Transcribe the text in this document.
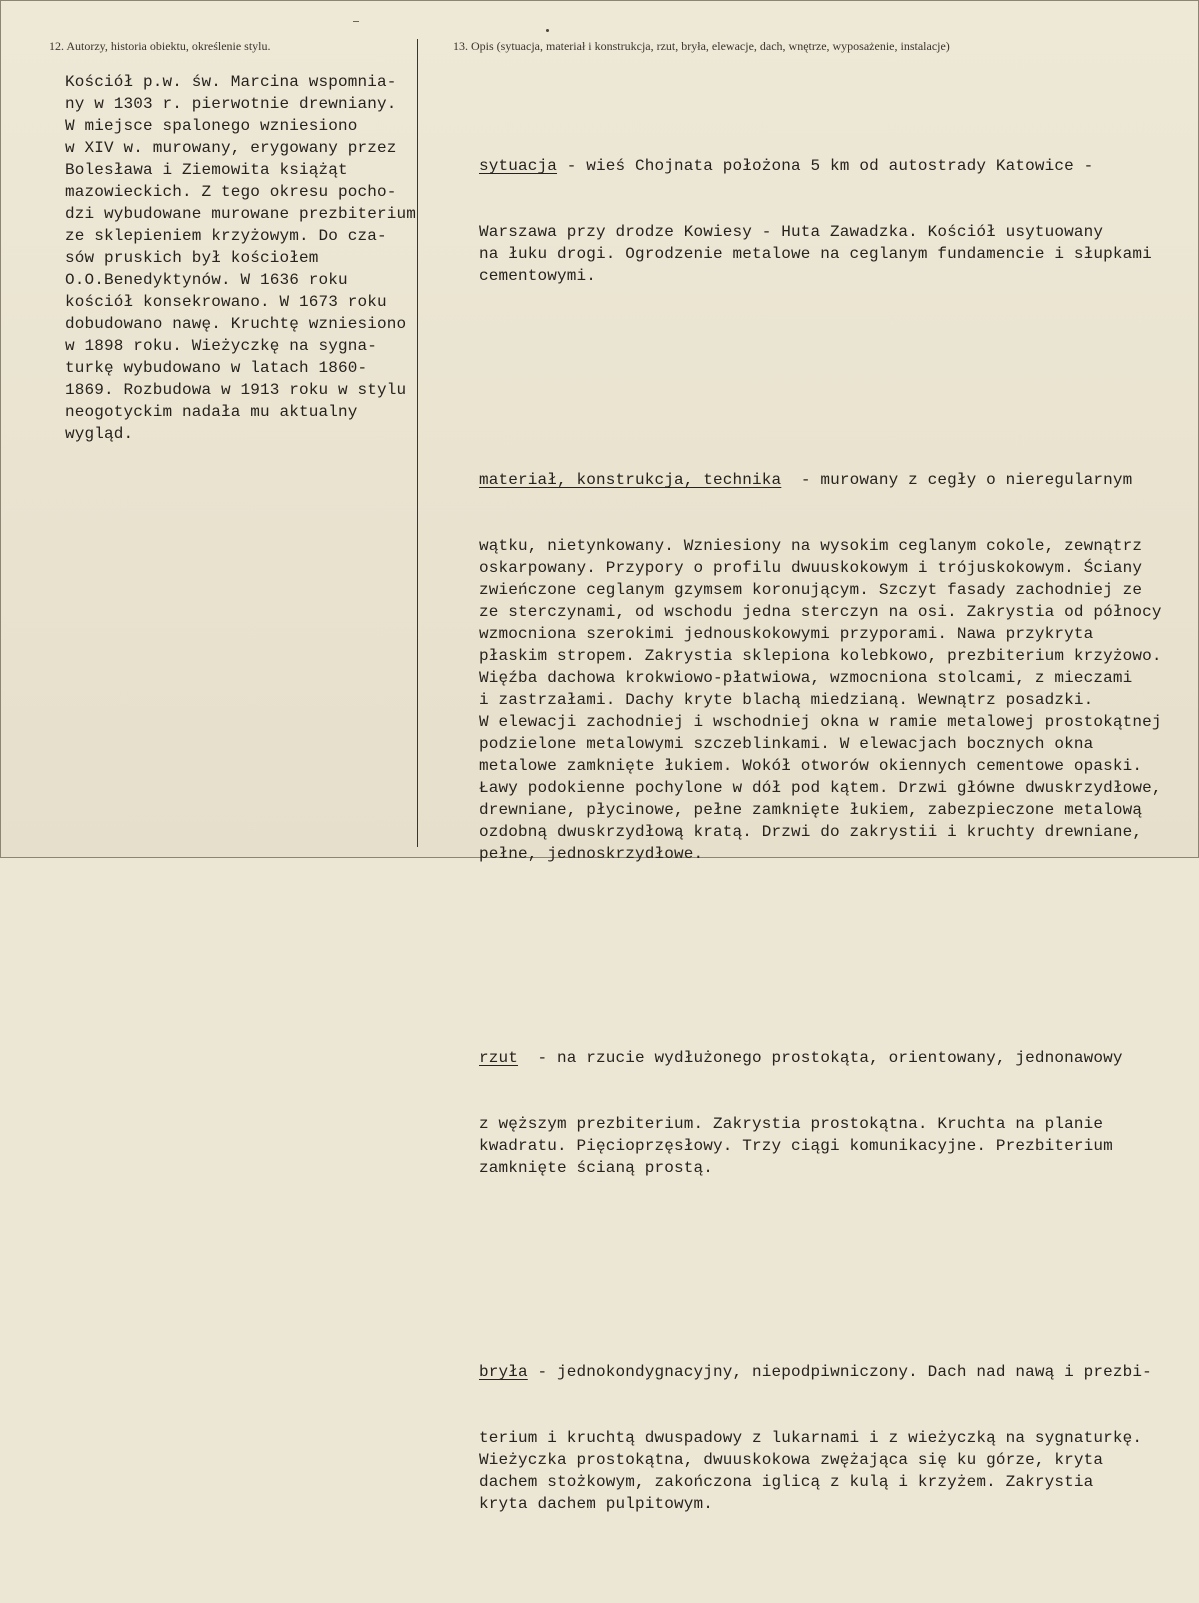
12. Autorzy, historia obiektu, określenie stylu.	13. Opis (sytuacja, materiał i konstrukcja, rzut, bryła, elewacje, dach, wnętrze, wyposażenie, instalacje)
Kościół p.w. św. Marcina wspomnia-
ny w 1303 r. pierwotnie drewniany.
W miejsce spalonego wzniesiono
w XIV w. murowany, erygowany przez
Bolesława i Ziemowita książąt
mazowieckich. Z tego okresu pocho-
dzi wybudowane murowane prezbiterium
ze sklepieniem krzyżowym. Do cza-
sów pruskich był kościołem
O.O.Benedyktynów. W 1636 roku
kościół konsekrowano. W 1673 roku
dobudowano nawę. Kruchtę wzniesiono
w 1898 roku. Wieżyczkę na sygna-
turkę wybudowano w latach 1860-
1869. Rozbudowa w 1913 roku w stylu
neogotyckim nadała mu aktualny
wygląd.

sytuacja - wieś Chojnata położona 5 km od autostrady Katowice -

Warszawa przy drodze Kowiesy - Huta Zawadzka. Kościół usytuowany
na łuku drogi. Ogrodzenie metalowe na ceglanym fundamencie i słupkami
cementowymi.

materiał, konstrukcja, technika  - murowany z cegły o nieregularnym

wątku, nietynkowany. Wzniesiony na wysokim ceglanym cokole, zewnątrz
oskarpowany. Przypory o profilu dwuuskokowym i trójuskokowym. Ściany
zwieńczone ceglanym gzymsem koronującym. Szczyt fasady zachodniej ze
ze sterczynami, od wschodu jedna sterczyn na osi. Zakrystia od północy
wzmocniona szerokimi jednouskokowymi przyporami. Nawa przykryta
płaskim stropem. Zakrystia sklepiona kolebkowo, prezbiterium krzyżowo.
Więźba dachowa krokwiowo-płatwiowa, wzmocniona stolcami, z mieczami
i zastrzałami. Dachy kryte blachą miedzianą. Wewnątrz posadzki.
W elewacji zachodniej i wschodniej okna w ramie metalowej prostokątnej
podzielone metalowymi szczeblinkami. W elewacjach bocznych okna
metalowe zamknięte łukiem. Wokół otworów okiennych cementowe opaski.
Ławy podokienne pochylone w dół pod kątem. Drzwi główne dwuskrzydłowe,
drewniane, płycinowe, pełne zamknięte łukiem, zabezpieczone metalową
ozdobną dwuskrzydłową kratą. Drzwi do zakrystii i kruchty drewniane,
pełne, jednoskrzydłowe.

rzut  - na rzucie wydłużonego prostokąta, orientowany, jednonawowy

z węższym prezbiterium. Zakrystia prostokątna. Kruchta na planie
kwadratu. Pięcioprzęsłowy. Trzy ciągi komunikacyjne. Prezbiterium
zamknięte ścianą prostą.

bryła - jednokondygnacyjny, niepodpiwniczony. Dach nad nawą i prezbi-

terium i kruchtą dwuspadowy z lukarnami i z wieżyczką na sygnaturkę.
Wieżyczka prostokątna, dwuuskokowa zwężająca się ku górze, kryta
dachem stożkowym, zakończona iglicą z kulą i krzyżem. Zakrystia
kryta dachem pulpitowym.
